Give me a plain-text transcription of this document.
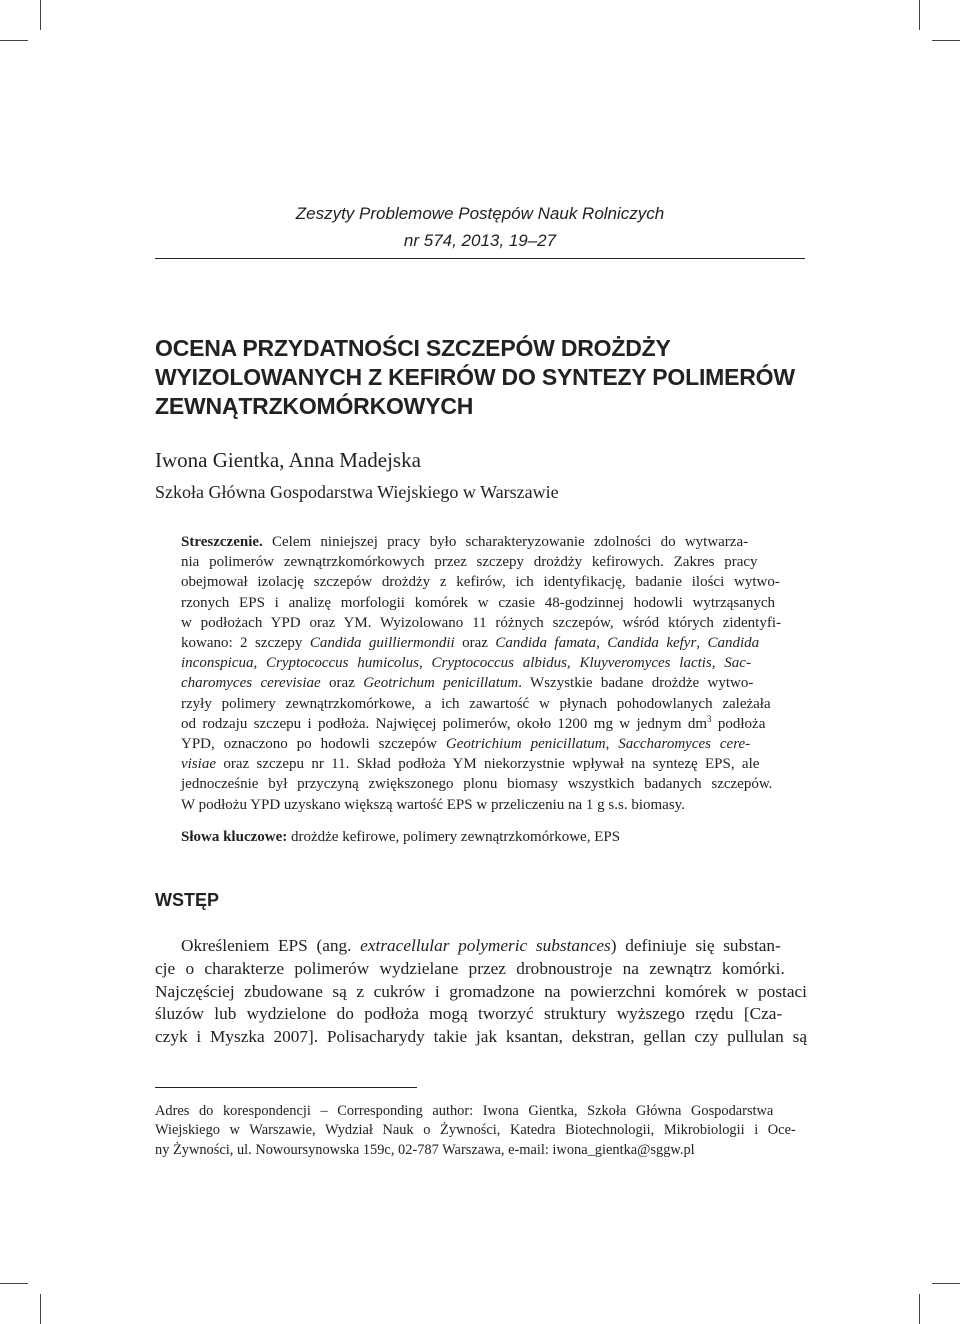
Zeszyty Problemowe Postępów Nauk Rolniczych
nr 574, 2013, 19–27
OCENA PRZYDATNOŚCI SZCZEPÓW DROŻDŻY
WYIZOLOWANYCH Z KEFIRÓW DO SYNTEZY POLIMERÓW
ZEWNĄTRZKOMÓRKOWYCH
Iwona Gientka, Anna Madejska
Szkoła Główna Gospodarstwa Wiejskiego w Warszawie
Streszczenie. Celem niniejszej pracy było scharakteryzowanie zdolności do wytwarza-
nia polimerów zewnątrzkomórkowych przez szczepy drożdży kefirowych. Zakres pracy
obejmował izolację szczepów drożdży z kefirów, ich identyfikację, badanie ilości wytwo-
rzonych EPS i analizę morfologii komórek w czasie 48-godzinnej hodowli wytrząsanych
w podłożach YPD oraz YM. Wyizolowano 11 różnych szczepów, wśród których zidentyfi-
kowano: 2 szczepy Candida guilliermondii oraz Candida famata, Candida kefyr, Candida
inconspicua, Cryptococcus humicolus, Cryptococcus albidus, Kluyveromyces lactis, Sac-
charomyces cerevisiae oraz Geotrichum penicillatum. Wszystkie badane drożdże wytwo-
rzyły polimery zewnątrzkomórkowe, a ich zawartość w płynach pohodowlanych zależała
od rodzaju szczepu i podłoża. Najwięcej polimerów, około 1200 mg w jednym $dm^3$ podłoża
YPD, oznaczono po hodowli szczepów Geotrichium penicillatum, Saccharomyces cere-
visiae oraz szczepu nr 11. Skład podłoża YM niekorzystnie wpływał na syntezę EPS, ale
jednocześnie był przyczyną zwiększonego plonu biomasy wszystkich badanych szczepów.
W podłożu YPD uzyskano większą wartość EPS w przeliczeniu na 1 g s.s. biomasy.
Słowa kluczowe: drożdże kefirowe, polimery zewnątrzkomórkowe, EPS
WSTĘP
Określeniem EPS (ang. extracellular polymeric substances) definiuje się substan-
cje o charakterze polimerów wydzielane przez drobnoustroje na zewnątrz komórki.
Najczęściej zbudowane są z cukrów i gromadzone na powierzchni komórek w postaci
śluzów lub wydzielone do podłoża mogą tworzyć struktury wyższego rzędu [Cza-
czyk i Myszka 2007]. Polisacharydy takie jak ksantan, dekstran, gellan czy pullulan są
Adres do korespondencji – Corresponding author: Iwona Gientka, Szkoła Główna Gospodarstwa
Wiejskiego w Warszawie, Wydział Nauk o Żywności, Katedra Biotechnologii, Mikrobiologii i Oce-
ny Żywności, ul. Nowoursynowska 159c, 02-787 Warszawa, e-mail: iwona_gientka@sggw.pl
